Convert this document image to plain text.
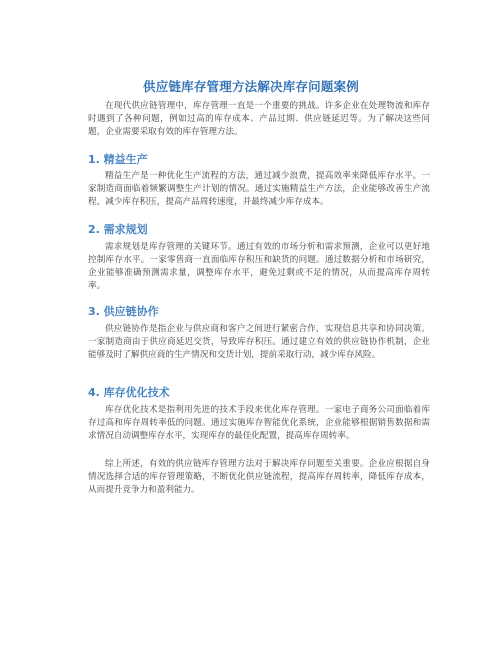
供应链库存管理方法解决库存问题案例

在现代供应链管理中，库存管理一直是一个重要的挑战。许多企业在处理物流和库存时遇到了各种问题，例如过高的库存成本、产品过期、供应链延迟等。为了解决这些问题，企业需要采取有效的库存管理方法。

1. 精益生产

精益生产是一种优化生产流程的方法，通过减少浪费，提高效率来降低库存水平。一家制造商面临着频繁调整生产计划的情况。通过实施精益生产方法，企业能够改善生产流程，减少库存积压，提高产品周转速度，并最终减少库存成本。

2. 需求规划

需求规划是库存管理的关键环节。通过有效的市场分析和需求预测，企业可以更好地控制库存水平。一家零售商一直面临库存积压和缺货的问题。通过数据分析和市场研究，企业能够准确预测需求量，调整库存水平，避免过剩或不足的情况，从而提高库存周转率。

3. 供应链协作

供应链协作是指企业与供应商和客户之间进行紧密合作，实现信息共享和协同决策。一家制造商由于供应商延迟交货，导致库存积压。通过建立有效的供应链协作机制，企业能够及时了解供应商的生产情况和交货计划，提前采取行动，减少库存风险。

4. 库存优化技术

库存优化技术是指利用先进的技术手段来优化库存管理。一家电子商务公司面临着库存过高和库存周转率低的问题。通过实施库存智能优化系统，企业能够根据销售数据和需求情况自动调整库存水平，实现库存的最佳化配置，提高库存周转率。

综上所述，有效的供应链库存管理方法对于解决库存问题至关重要。企业应根据自身情况选择合适的库存管理策略，不断优化供应链流程，提高库存周转率，降低库存成本，从而提升竞争力和盈利能力。
